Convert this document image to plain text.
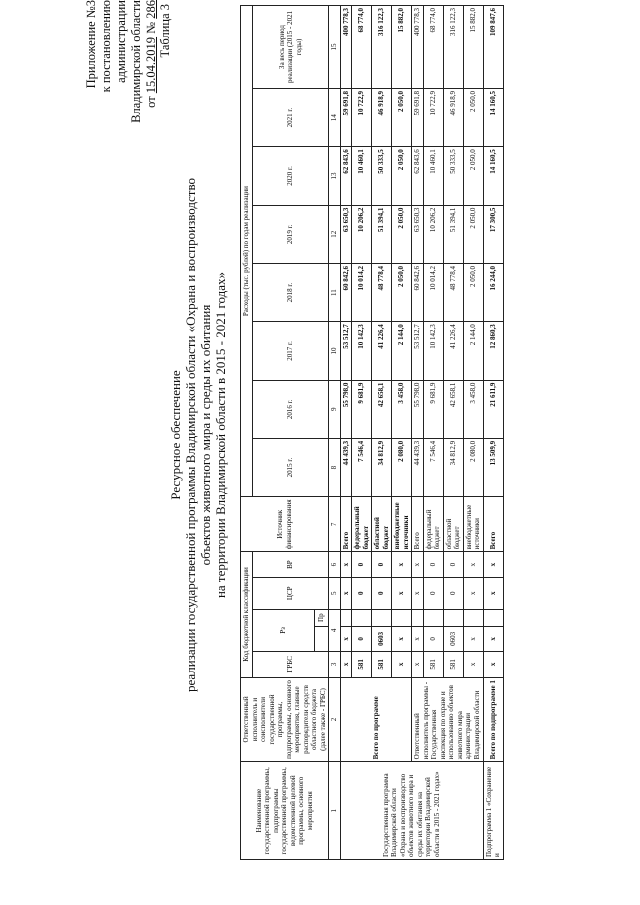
Приложение №3 к постановлению администрации Владимирской области от 15.04.2019 № 286 Таблица 3
Ресурсное обеспечение реализации государственной программы Владимирской области «Охрана и воспроизводство объектов животного мира и среды их обитания на территории Владимирской области в 2015 - 2021 годах»
Наименование государственной программы, подпрограммы государственной программы, ведомственной целевой программы, основного мероприятия	Ответственный исполнитель и соисполнители государственной программы, подпрограммы, основного мероприятия, главные распорядители средств областного бюджета (далее также - ГРБС)	Код бюджетной классификации					Источник финансирования	Расходы (тыс. рублей) по годам реализации							
		ГРБС	Рз		ЦСР	ВР		2015 г.	2016 г.	2017 г.	2018 г.	2019 г.	2020 г.	2021 г.	За весь период реализации (2015 - 2021 годы)
				Пр											
1	2	3	4		5	6	7	8	9	10	11	12	13	14	15
Государственная программа Владимирской области «Охрана и воспроизводство объектов животного мира и среды их обитания на территории Владимирской области в 2015 - 2021 годах»	Всего по программе	х	х		х	х	Всего	44 439,3	55 798,0	53 512,7	60 842,6	63 650,3	62 843,6	59 691,8	400 778,3
		581	0		0	0	федеральный бюджет	7 546,4	9 681,9	10 142,3	10 014,2	10 206,2	10 460,1	10 722,9	68 774,0
		581	0603		0	0	областной бюджет	34 812,9	42 658,1	41 226,4	48 778,4	51 394,1	50 333,5	46 918,9	316 122,3
		х	х		х	х	внебюджетные источники	2 080,0	3 458,0	2 144,0	2 050,0	2 050,0	2 050,0	2 050,0	15 882,0
	Ответственный исполнитель программы - Государственная инспекция по охране и использованию объектов животного мира администрации Владимирской области	х	х		х	х	Всего	44 439,3	55 798,0	53 512,7	60 842,6	63 650,3	62 843,6	59 691,8	400 778,3
		581	0		0	0	федеральный бюджет	7 546,4	9 681,9	10 142,3	10 014,2	10 206,2	10 460,1	10 722,9	68 774,0
		581	0603		0	0	областной бюджет	34 812,9	42 658,1	41 226,4	48 778,4	51 394,1	50 333,5	46 918,9	316 122,3
		х	х		х	х	внебюджетные источники	2 080,0	3 458,0	2 144,0	2 050,0	2 050,0	2 050,0	2 050,0	15 882,0
Подпрограмма 1 «Сохранение и	Всего по подпрограмме 1	х	х		х	х	Всего	13 509,9	21 611,9	12 860,3	16 244,0	17 300,5	14 160,5	14 160,5	109 847,6
